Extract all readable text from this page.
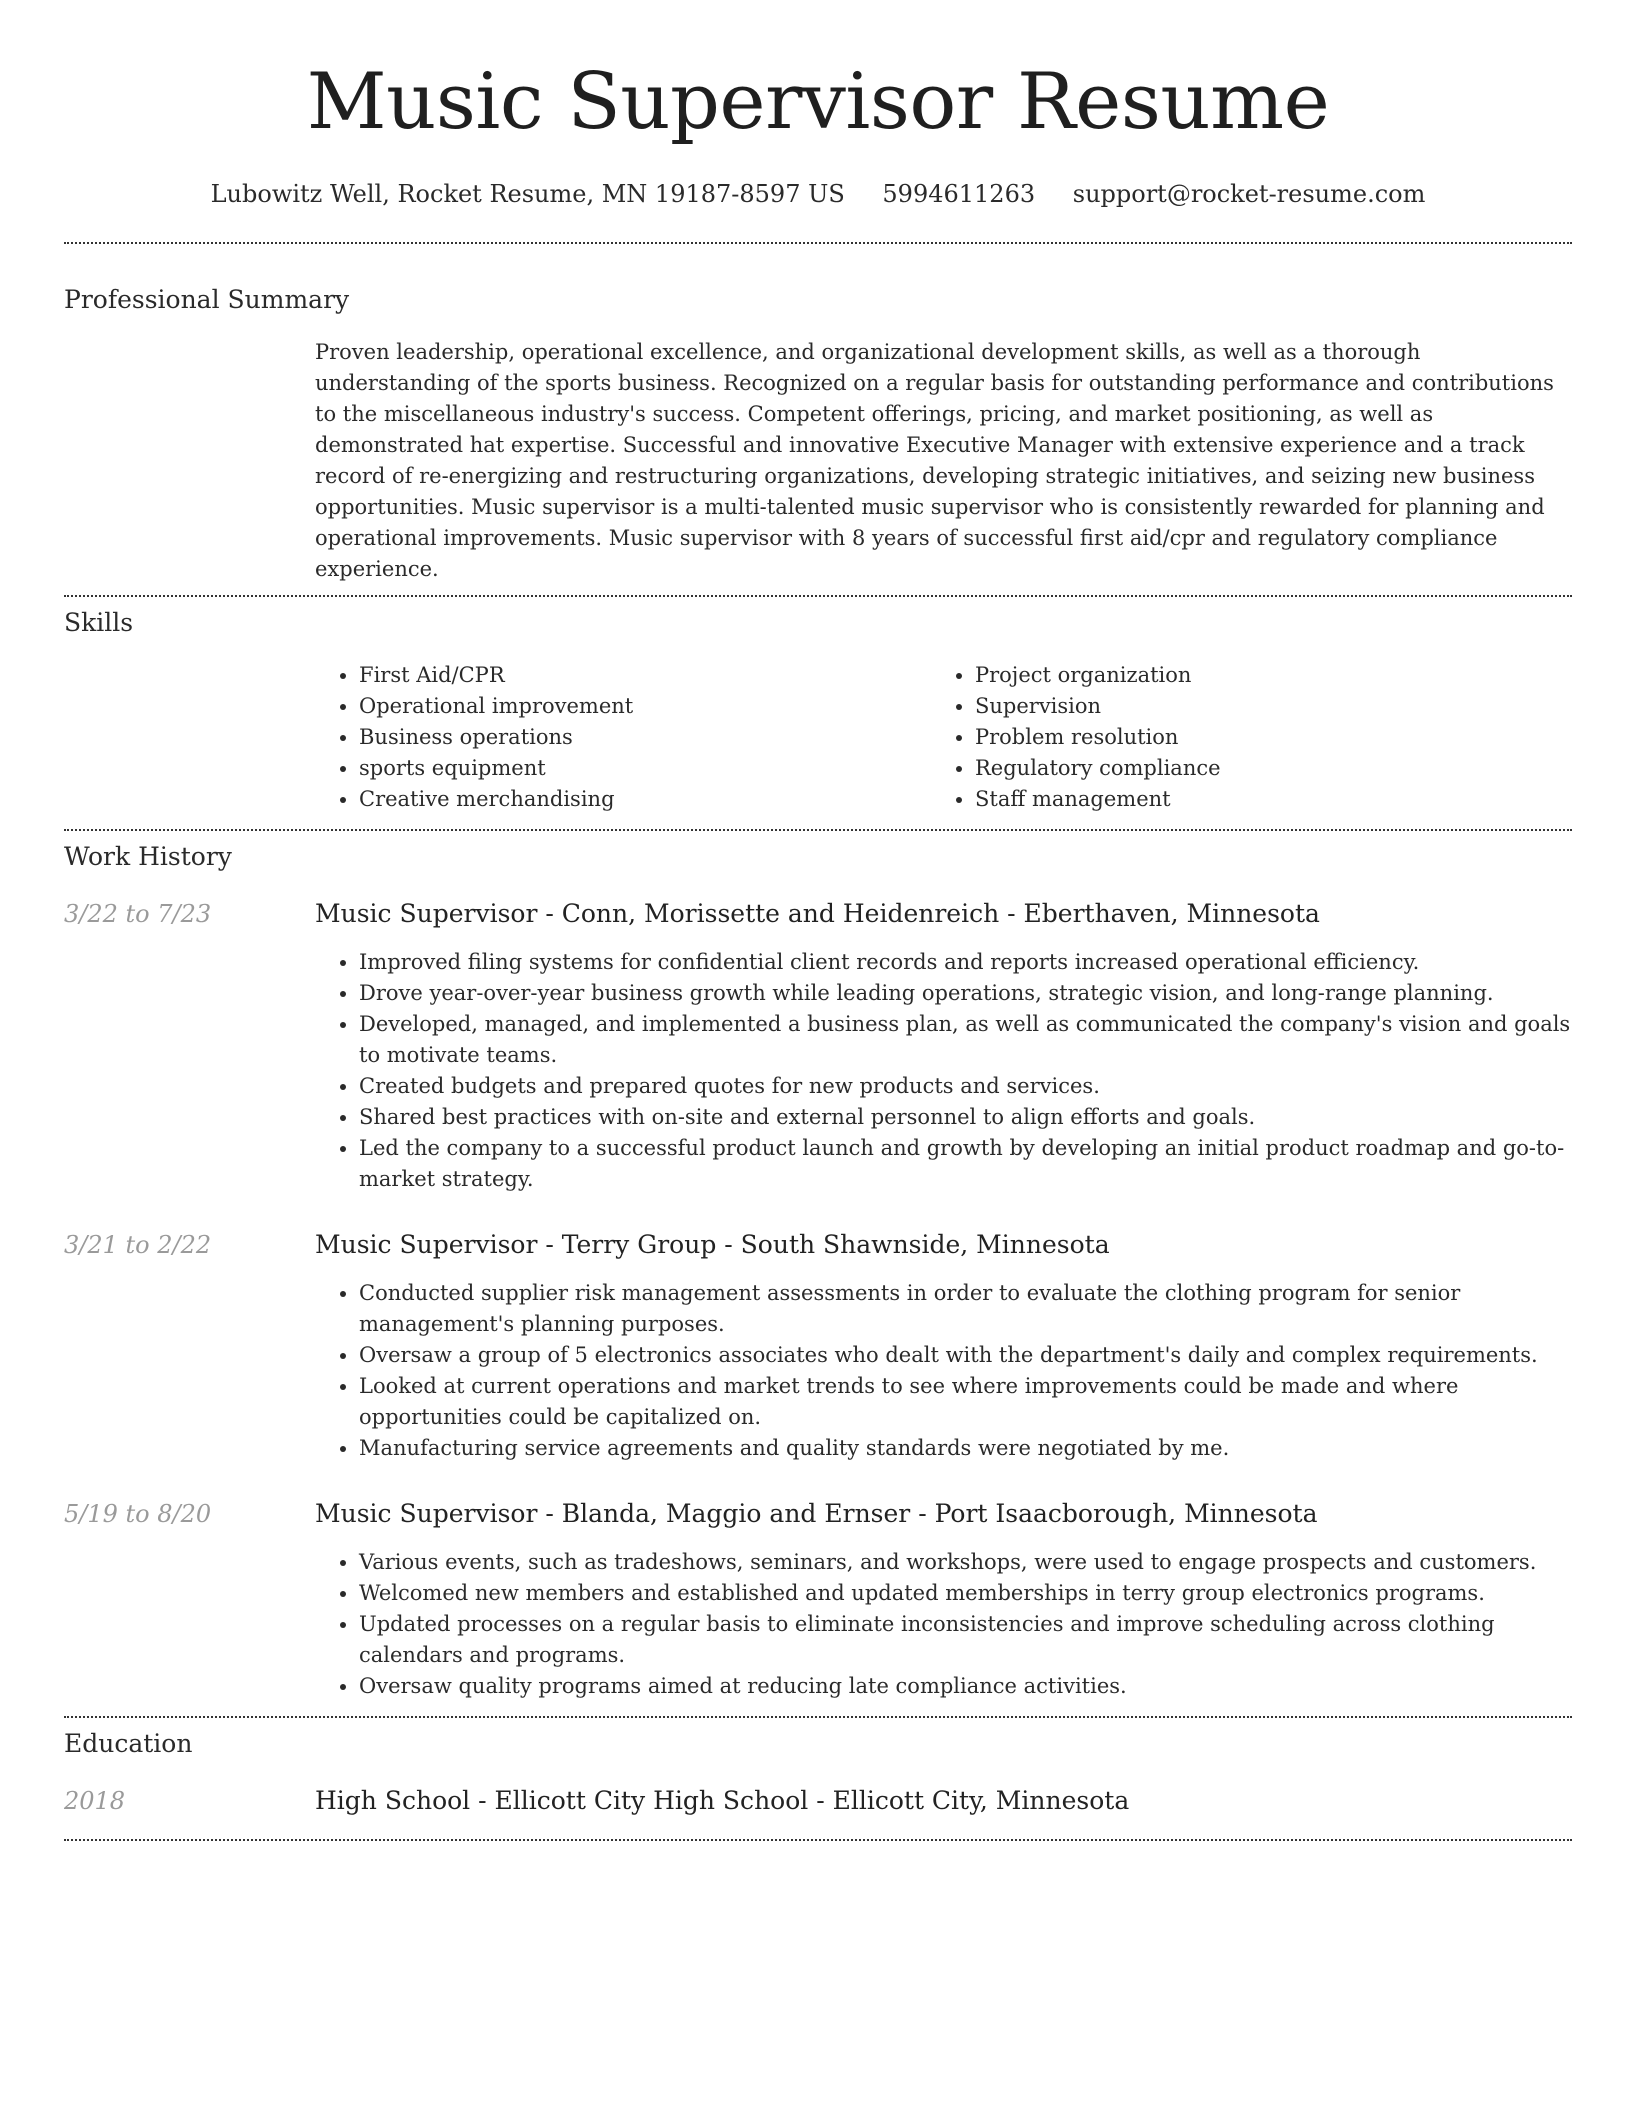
Music Supervisor Resume
Lubowitz Well, Rocket Resume, MN 19187-8597 US 5994611263 support@rocket-resume.com
Professional Summary
Proven leadership, operational excellence, and organizational development skills, as well as a thorough understanding of the sports business. Recognized on a regular basis for outstanding performance and contributions to the miscellaneous industry's success. Competent offerings, pricing, and market positioning, as well as demonstrated hat expertise. Successful and innovative Executive Manager with extensive experience and a track record of re-energizing and restructuring organizations, developing strategic initiatives, and seizing new business opportunities. Music supervisor is a multi-talented music supervisor who is consistently rewarded for planning and operational improvements. Music supervisor with 8 years of successful first aid/cpr and regulatory compliance experience.
Skills
• First Aid/CPR
• Operational improvement
• Business operations
• sports equipment
• Creative merchandising
• Project organization
• Supervision
• Problem resolution
• Regulatory compliance
• Staff management
Work History
3/22 to 7/23	Music Supervisor - Conn, Morissette and Heidenreich - Eberthaven, Minnesota
• Improved filing systems for confidential client records and reports increased operational efficiency.
• Drove year-over-year business growth while leading operations, strategic vision, and long-range planning.
• Developed, managed, and implemented a business plan, as well as communicated the company's vision and goals to motivate teams.
• Created budgets and prepared quotes for new products and services.
• Shared best practices with on-site and external personnel to align efforts and goals.
• Led the company to a successful product launch and growth by developing an initial product roadmap and go-to-market strategy.
3/21 to 2/22	Music Supervisor - Terry Group - South Shawnside, Minnesota
• Conducted supplier risk management assessments in order to evaluate the clothing program for senior management's planning purposes.
• Oversaw a group of 5 electronics associates who dealt with the department's daily and complex requirements.
• Looked at current operations and market trends to see where improvements could be made and where opportunities could be capitalized on.
• Manufacturing service agreements and quality standards were negotiated by me.
5/19 to 8/20	Music Supervisor - Blanda, Maggio and Ernser - Port Isaacborough, Minnesota
• Various events, such as tradeshows, seminars, and workshops, were used to engage prospects and customers.
• Welcomed new members and established and updated memberships in terry group electronics programs.
• Updated processes on a regular basis to eliminate inconsistencies and improve scheduling across clothing calendars and programs.
• Oversaw quality programs aimed at reducing late compliance activities.
Education
2018	High School - Ellicott City High School - Ellicott City, Minnesota
